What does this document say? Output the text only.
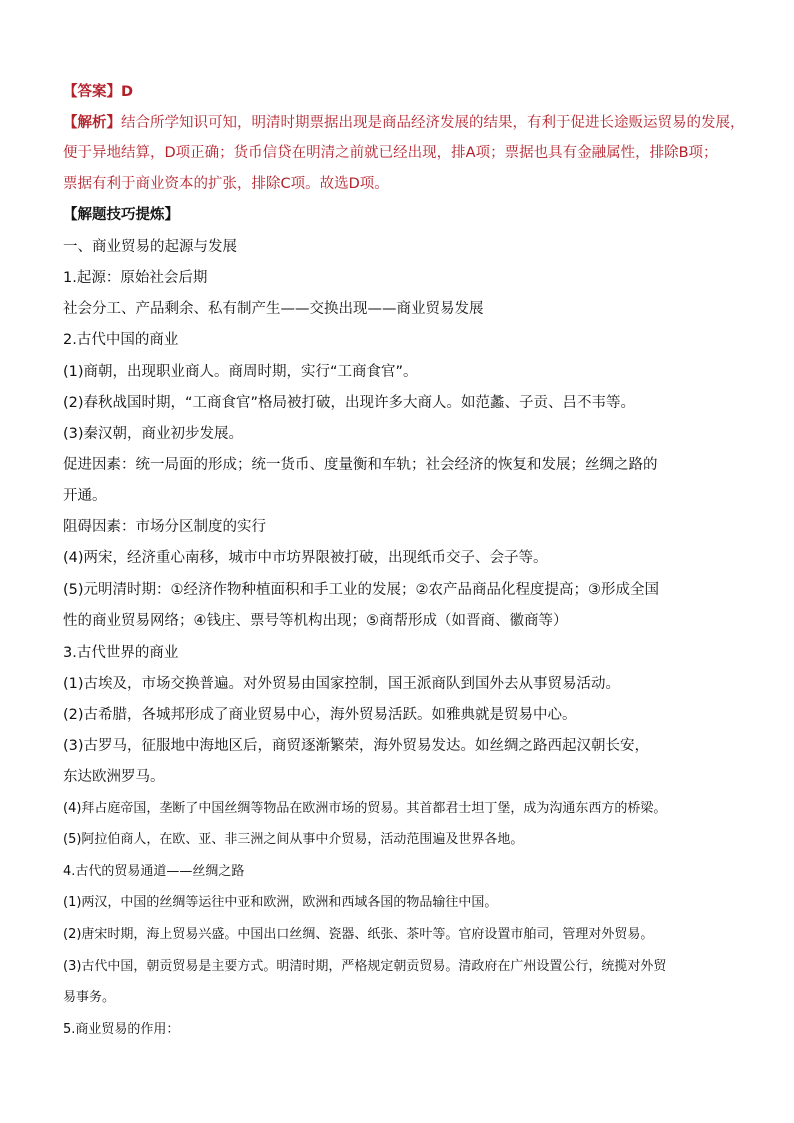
【答案】D
【解析】结合所学知识可知，明清时期票据出现是商品经济发展的结果，有利于促进长途贩运贸易的发展，
便于异地结算，D项正确；货币信贷在明清之前就已经出现，排A项；票据也具有金融属性，排除B项；
票据有利于商业资本的扩张，排除C项。故选D项。
【解题技巧提炼】
一、商业贸易的起源与发展
1.起源：原始社会后期
社会分工、产品剩余、私有制产生——交换出现——商业贸易发展
2.古代中国的商业
(1)商朝，出现职业商人。商周时期，实行“工商食官”。
(2)春秋战国时期，“工商食官”格局被打破，出现许多大商人。如范蠡、子贡、吕不韦等。
(3)秦汉朝，商业初步发展。
促进因素：统一局面的形成；统一货币、度量衡和车轨；社会经济的恢复和发展；丝绸之路的
开通。
阻碍因素：市场分区制度的实行
(4)两宋，经济重心南移，城市中市坊界限被打破，出现纸币交子、会子等。
(5)元明清时期：①经济作物种植面积和手工业的发展；②农产品商品化程度提高；③形成全国
性的商业贸易网络；④钱庄、票号等机构出现；⑤商帮形成（如晋商、徽商等）
3.古代世界的商业
(1)古埃及，市场交换普遍。对外贸易由国家控制，国王派商队到国外去从事贸易活动。
(2)古希腊，各城邦形成了商业贸易中心，海外贸易活跃。如雅典就是贸易中心。
(3)古罗马，征服地中海地区后，商贸逐渐繁荣，海外贸易发达。如丝绸之路西起汉朝长安，
东达欧洲罗马。
(4)拜占庭帝国，垄断了中国丝绸等物品在欧洲市场的贸易。其首都君士坦丁堡，成为沟通东西方的桥梁。
(5)阿拉伯商人，在欧、亚、非三洲之间从事中介贸易，活动范围遍及世界各地。
4.古代的贸易通道——丝绸之路
(1)两汉，中国的丝绸等运往中亚和欧洲，欧洲和西域各国的物品输往中国。
(2)唐宋时期，海上贸易兴盛。中国出口丝绸、瓷器、纸张、茶叶等。官府设置市舶司，管理对外贸易。
(3)古代中国，朝贡贸易是主要方式。明清时期，严格规定朝贡贸易。清政府在广州设置公行，统揽对外贸
易事务。
5.商业贸易的作用：
